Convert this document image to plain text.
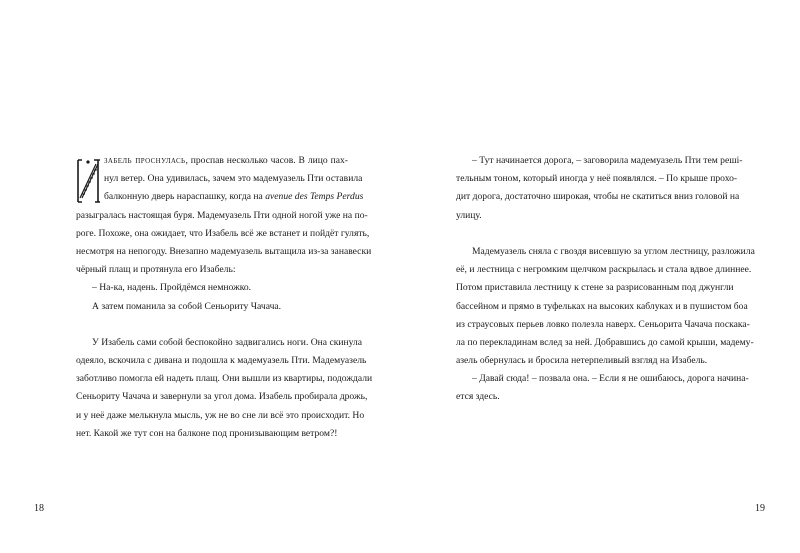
забель проснулась, проспав несколько часов. В лицо пах-
нул ветер. Она удивилась, зачем это мадемуазель Пти оставила
балконную дверь нараспашку, когда на avenue des Temps Perdus
разыгралась настоящая буря. Мадемуазель Пти одной ногой уже на по-
роге. Похоже, она ожидает, что Изабель всё же встанет и пойдёт гулять,
несмотря на непогоду. Внезапно мадемуазель вытащила из-за занавески
чёрный плащ и протянула его Изабель:
– На-ка, надень. Пройдёмся немножко.
А затем поманила за собой Сеньориту Чачача.
У Изабель сами собой беспокойно задвигались ноги. Она скинула
одеяло, вскочила с дивана и подошла к мадемуазель Пти. Мадемуазель
заботливо помогла ей надеть плащ. Они вышли из квартиры, подождали
Сеньориту Чачача и завернули за угол дома. Изабель пробирала дрожь,
и у неё даже мелькнула мысль, уж не во сне ли всё это происходит. Но
нет. Какой же тут сон на балконе под пронизывающим ветром?!
18
– Тут начинается дорога, – заговорила мадемуазель Пти тем решi-
тельным тоном, который иногда у неё появлялся. – По крыше прохо-
дит дорога, достаточно широкая, чтобы не скатиться вниз головой на
улицу.
Мадемуазель сняла с гвоздя висевшую за углом лестницу, разложила
её, и лестница с негромким щелчком раскрылась и стала вдвое длиннее.
Потом приставила лестницу к стене за разрисованным под джунгли
бассейном и прямо в туфельках на высоких каблуках и в пушистом боа
из страусовых перьев ловко полезла наверх. Сеньорита Чачача поскака-
ла по перекладинам вслед за ней. Добравшись до самой крыши, мадему-
азель обернулась и бросила нетерпеливый взгляд на Изабель.
– Давай сюда! – позвала она. – Если я не ошибаюсь, дорога начина-
ется здесь.
19
